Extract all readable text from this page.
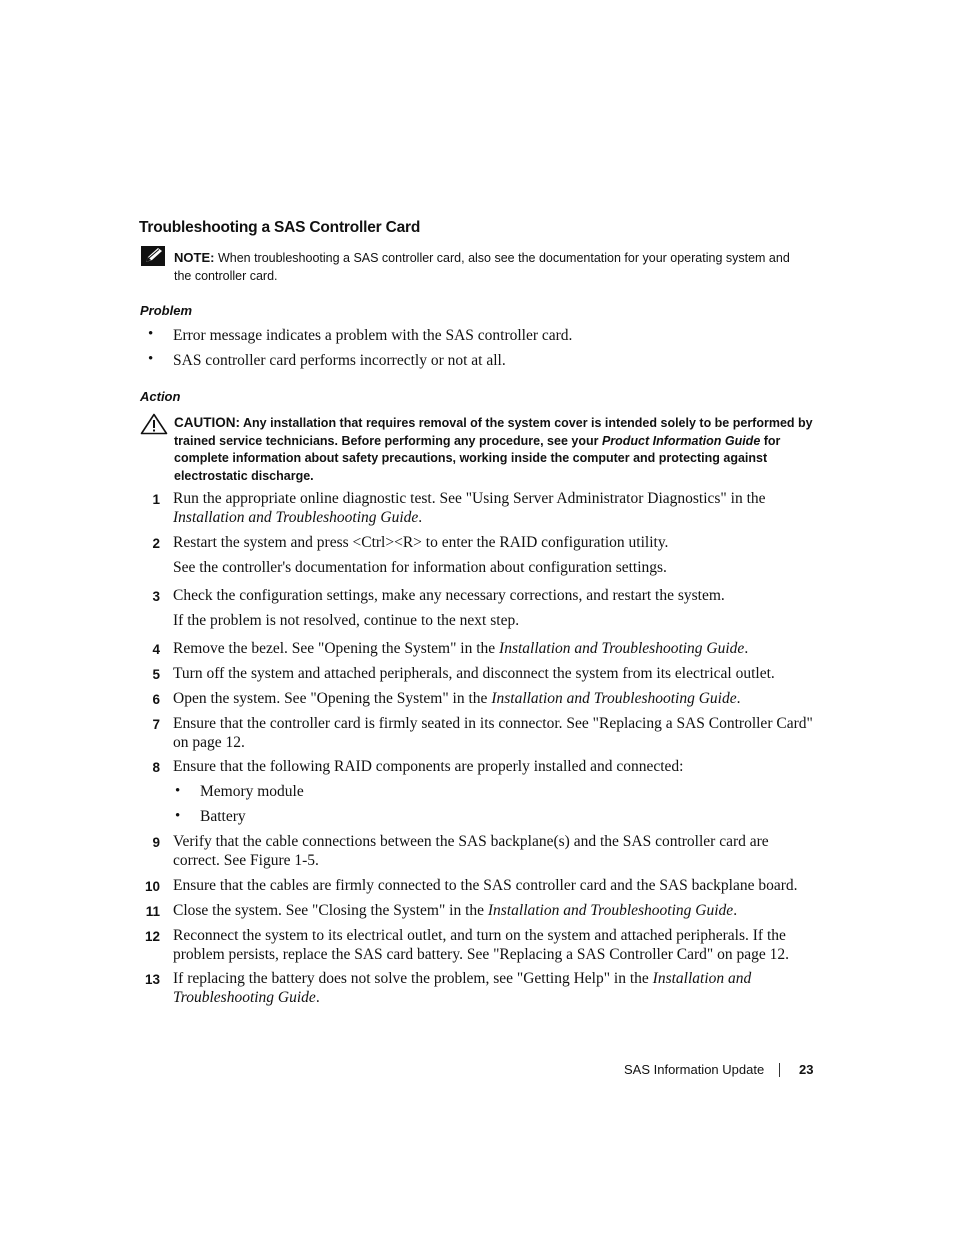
Troubleshooting a SAS Controller Card
NOTE: When troubleshooting a SAS controller card, also see the documentation for your operating system and the controller card.
Problem
• Error message indicates a problem with the SAS controller card.
• SAS controller card performs incorrectly or not at all.
Action
CAUTION: Any installation that requires removal of the system cover is intended solely to be performed by trained service technicians. Before performing any procedure, see your Product Information Guide for complete information about safety precautions, working inside the computer and protecting against electrostatic discharge.
1 Run the appropriate online diagnostic test. See "Using Server Administrator Diagnostics" in the Installation and Troubleshooting Guide.
2 Restart the system and press <Ctrl><R> to enter the RAID configuration utility.
See the controller's documentation for information about configuration settings.
3 Check the configuration settings, make any necessary corrections, and restart the system.
If the problem is not resolved, continue to the next step.
4 Remove the bezel. See "Opening the System" in the Installation and Troubleshooting Guide.
5 Turn off the system and attached peripherals, and disconnect the system from its electrical outlet.
6 Open the system. See "Opening the System" in the Installation and Troubleshooting Guide.
7 Ensure that the controller card is firmly seated in its connector. See "Replacing a SAS Controller Card" on page 12.
8 Ensure that the following RAID components are properly installed and connected:
• Memory module
• Battery
9 Verify that the cable connections between the SAS backplane(s) and the SAS controller card are correct. See Figure 1-5.
10 Ensure that the cables are firmly connected to the SAS controller card and the SAS backplane board.
11 Close the system. See "Closing the System" in the Installation and Troubleshooting Guide.
12 Reconnect the system to its electrical outlet, and turn on the system and attached peripherals. If the problem persists, replace the SAS card battery. See "Replacing a SAS Controller Card" on page 12.
13 If replacing the battery does not solve the problem, see "Getting Help" in the Installation and Troubleshooting Guide.
SAS Information Update	23
